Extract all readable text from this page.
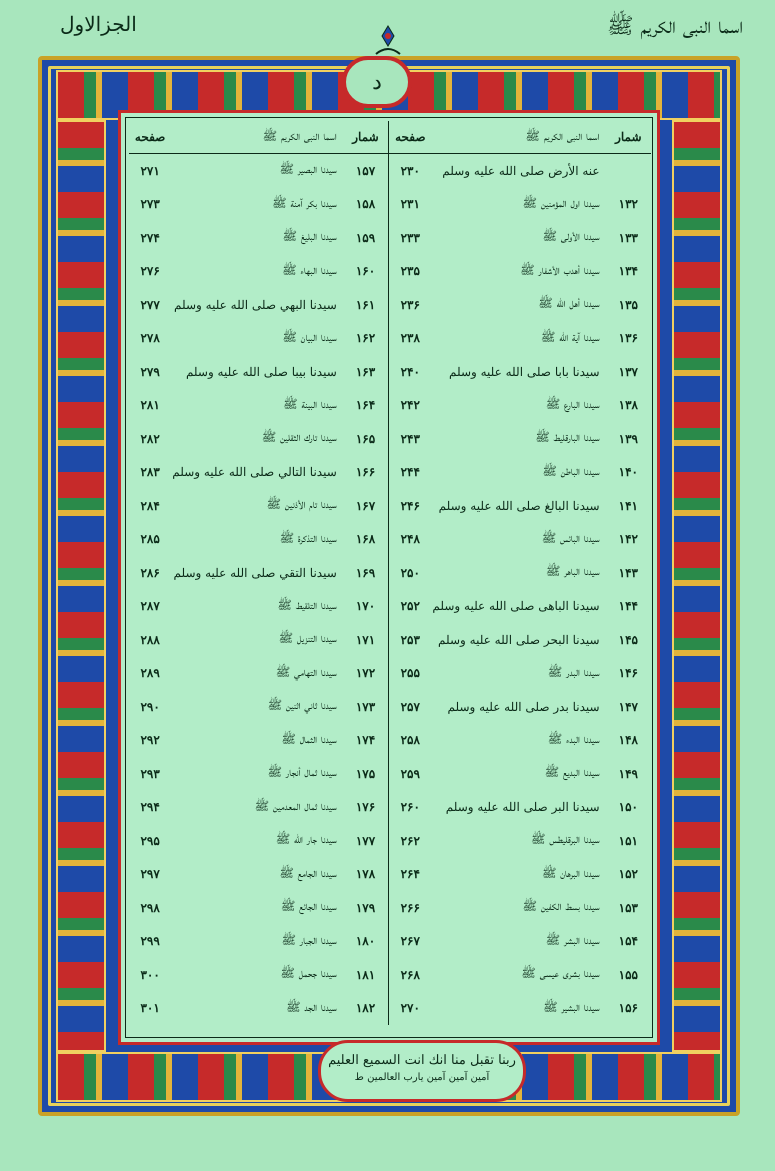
اسما النبی الکریم ﷺ
الجزالاول
د
شمار	اسما النبی الکریم ﷺ	صفحه	شمار	اسما النبی الکریم ﷺ	صفحه
	عنه الأرض صلی الله علیه وسلم	۲۳۰	۱۵۷	سیدنا البصير ﷺ	۲۷۱
۱۳۲	سیدنا اول المؤمنین ﷺ	۲۳۱	۱۵۸	سیدنا بکر آمنة ﷺ	۲۷۳
۱۳۳	سیدنا الأولی ﷺ	۲۳۳	۱۵۹	سیدنا البليغ ﷺ	۲۷۴
۱۳۴	سیدنا أهدب الأشفار ﷺ	۲۳۵	۱۶۰	سیدنا البهاء ﷺ	۲۷۶
۱۳۵	سیدنا أهل الله ﷺ	۲۳۶	۱۶۱	سیدنا البهي صلی الله علیه وسلم	۲۷۷
۱۳۶	سیدنا آیة الله ﷺ	۲۳۸	۱۶۲	سیدنا البيان ﷺ	۲۷۸
۱۳۷	سیدنا بابا صلی الله علیه وسلم	۲۴۰	۱۶۳	سیدنا بیبا صلی الله علیه وسلم	۲۷۹
۱۳۸	سیدنا البارع ﷺ	۲۴۲	۱۶۴	سیدنا البينة ﷺ	۲۸۱
۱۳۹	سیدنا البارقليط ﷺ	۲۴۳	۱۶۵	سیدنا تارك الثقلين ﷺ	۲۸۲
۱۴۰	سیدنا الباطن ﷺ	۲۴۴	۱۶۶	سیدنا التالي صلی الله علیه وسلم	۲۸۳
۱۴۱	سیدنا البالغ صلی الله علیه وسلم	۲۴۶	۱۶۷	سیدنا تام الأذنين ﷺ	۲۸۴
۱۴۲	سیدنا البائس ﷺ	۲۴۸	۱۶۸	سیدنا التذكرة ﷺ	۲۸۵
۱۴۳	سیدنا الباهر ﷺ	۲۵۰	۱۶۹	سیدنا التقي صلی الله علیه وسلم	۲۸۶
۱۴۴	سیدنا الباهی صلی الله علیه وسلم	۲۵۲	۱۷۰	سیدنا التلقيط ﷺ	۲۸۷
۱۴۵	سیدنا البحر صلی الله علیه وسلم	۲۵۳	۱۷۱	سیدنا التنزيل ﷺ	۲۸۸
۱۴۶	سیدنا البدر ﷺ	۲۵۵	۱۷۲	سیدنا التهامي ﷺ	۲۸۹
۱۴۷	سیدنا بدر صلی الله علیه وسلم	۲۵۷	۱۷۳	سیدنا ثاني اثنين ﷺ	۲۹۰
۱۴۸	سیدنا البدء ﷺ	۲۵۸	۱۷۴	سیدنا الثمال ﷺ	۲۹۲
۱۴۹	سیدنا البدیع ﷺ	۲۵۹	۱۷۵	سیدنا ثمال أنجار ﷺ	۲۹۳
۱۵۰	سیدنا البر صلی الله علیه وسلم	۲۶۰	۱۷۶	سیدنا ثمال المعدمين ﷺ	۲۹۴
۱۵۱	سیدنا البرقليطس ﷺ	۲۶۲	۱۷۷	سیدنا جار الله ﷺ	۲۹۵
۱۵۲	سیدنا البرهان ﷺ	۲۶۴	۱۷۸	سیدنا الجامع ﷺ	۲۹۷
۱۵۳	سیدنا بسط الكفين ﷺ	۲۶۶	۱۷۹	سیدنا الجائع ﷺ	۲۹۸
۱۵۴	سیدنا البشر ﷺ	۲۶۷	۱۸۰	سیدنا الجبار ﷺ	۲۹۹
۱۵۵	سیدنا بشری عیسی ﷺ	۲۶۸	۱۸۱	سیدنا جحمل ﷺ	۳۰۰
۱۵۶	سیدنا البشير ﷺ	۲۷۰	۱۸۲	سیدنا الجد ﷺ	۳۰۱
ربنا تقبل منا انك انت السميع العليم
آمين آمين آمين يارب العالمين ط
